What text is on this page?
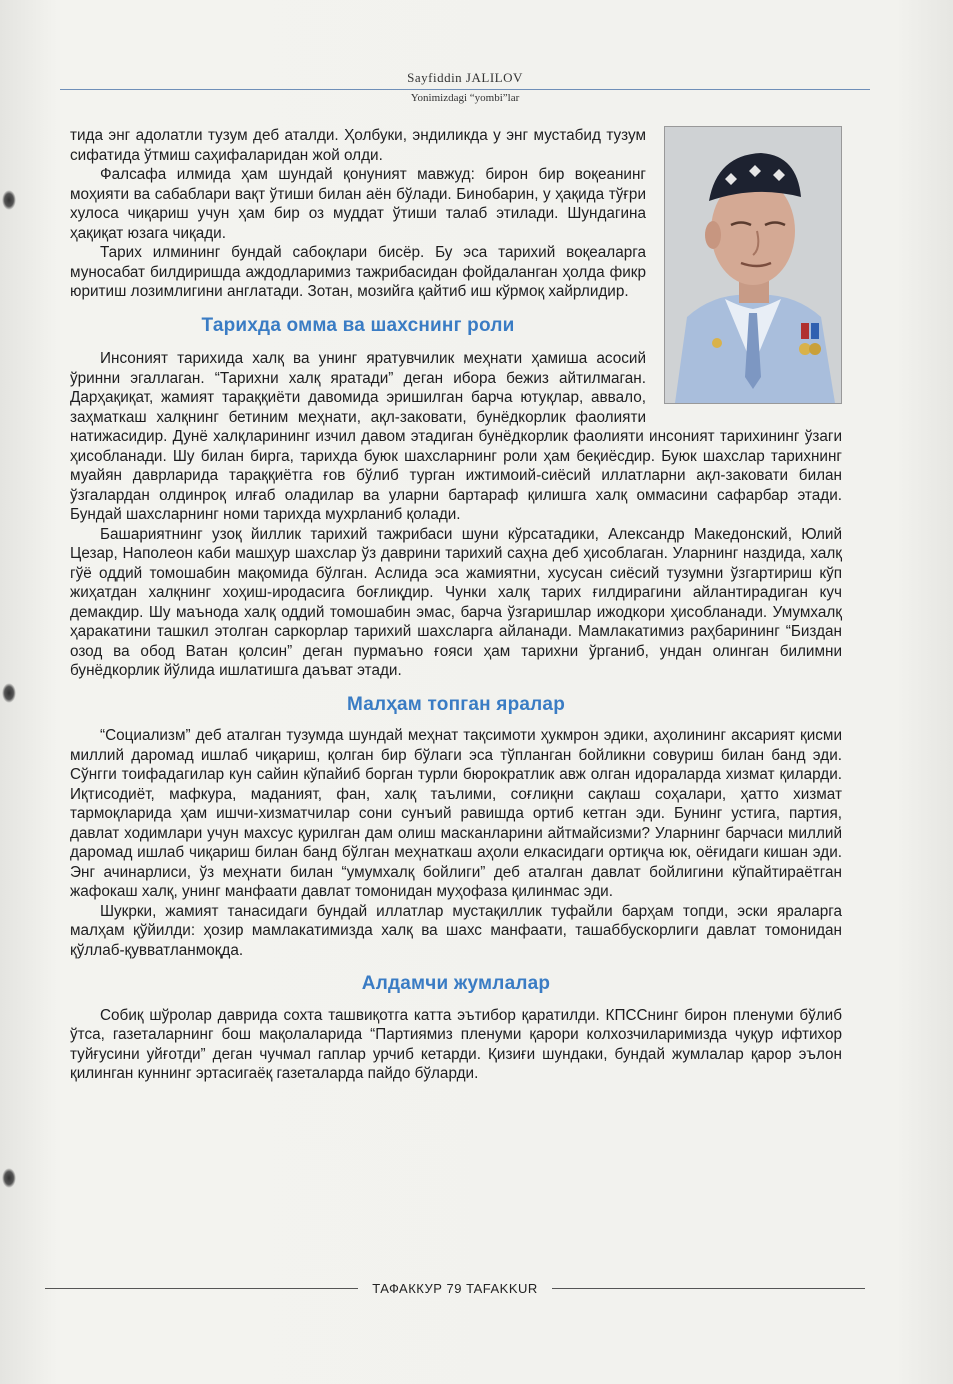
Sayfiddin JALILOV
Yonimizdagi “yombi”lar

тида энг адолатли тузум деб аталди. Ҳолбуки, эндиликда у энг мустабид тузум сифатида ўтмиш саҳифаларидан жой олди.

Фалсафа илмида ҳам шундай қонуният мавжуд: бирон бир воқеанинг моҳияти ва сабаблари вақт ўтиши билан аён бўлади. Бинобарин, у ҳақида тўғри хулоса чиқариш учун ҳам бир оз муддат ўтиши талаб этилади. Шундагина ҳақиқат юзага чиқади.

Тарих илмининг бундай сабоқлари бисёр. Бу эса тарихий воқеаларга муносабат билдиришда аждодларимиз тажрибасидан фойдаланган ҳолда фикр юритиш лозимлигини англатади. Зотан, мозийга қайтиб иш кўрмоқ хайрлидир.

Тарихда омма ва шахснинг роли

Инсоният тарихида халқ ва унинг яратувчилик меҳнати ҳамиша асосий ўринни эгаллаган. “Тарихни халқ яратади” деган ибора бежиз айтилмаган. Дарҳақиқат, жамият тараққиёти давомида эришилган барча ютуқлар, аввало, заҳматкаш халқнинг бетиним меҳнати, ақл-заковати, бунёдкорлик фаолияти натижасидир. Дунё халқларининг изчил давом этадиган бунёдкорлик фаолияти инсоният тарихининг ўзаги ҳисобланади. Шу билан бирга, тарихда буюк шахсларнинг роли ҳам беқиёсдир. Буюк шахслар тарихнинг муайян даврларида тараққиётга ғов бўлиб турган ижтимоий-сиёсий иллатларни ақл-заковати билан ўзгалардан олдинроқ илғаб оладилар ва уларни бартараф қилишга халқ оммасини сафарбар этади. Бундай шахсларнинг номи тарихда мухрланиб қолади.

Башариятнинг узоқ йиллик тарихий тажрибаси шуни кўрсатадики, Александр Македонский, Юлий Цезар, Наполеон каби машҳур шахслар ўз даврини тарихий саҳна деб ҳисоблаган. Уларнинг наздида, халқ гўё оддий томошабин мақомида бўлган. Аслида эса жамиятни, хусусан сиёсий тузумни ўзгартириш кўп жиҳатдан халқнинг хоҳиш-иродасига боғлиқдир. Чунки халқ тарих ғилдирагини айлантирадиган куч демакдир. Шу маънода халқ оддий томошабин эмас, барча ўзгаришлар ижодкори ҳисобланади. Умумхалқ ҳаракатини ташкил этолган саркорлар тарихий шахсларга айланади. Мамлакатимиз раҳбарининг “Биздан озод ва обод Ватан қолсин” деган пурмаъно ғояси ҳам тарихни ўрганиб, ундан олинган билимни бунёдкорлик йўлида ишлатишга даъват этади.

Малҳам топган яралар

“Социализм” деб аталган тузумда шундай меҳнат тақсимоти ҳукмрон эдики, аҳолининг аксарият қисми миллий даромад ишлаб чиқариш, қолган бир бўлаги эса тўпланган бойликни совуриш билан банд эди. Сўнгги тоифадагилар кун сайин кўпайиб борган турли бюрократлик авж олган идораларда хизмат қиларди. Иқтисодиёт, мафкура, маданият, фан, халқ таълими, соғлиқни сақлаш соҳалари, ҳатто хизмат тармоқларида ҳам ишчи-хизматчилар сони сунъий равишда ортиб кетган эди. Бунинг устига, партия, давлат ходимлари учун махсус қурилган дам олиш масканларини айтмайсизми? Уларнинг барчаси миллий даромад ишлаб чиқариш билан банд бўлган меҳнаткаш аҳоли елкасидаги ортиқча юк, оёғидаги кишан эди. Энг ачинарлиси, ўз меҳнати билан “умумхалқ бойлиги” деб аталган давлат бойлигини кўпайтираётган жафокаш халқ, унинг манфаати давлат томонидан муҳофаза қилинмас эди.

Шукрки, жамият танасидаги бундай иллатлар мустақиллик туфайли барҳам топди, эски яраларга малҳам қўйилди: ҳозир мамлакатимизда халқ ва шахс манфаати, ташаббускорлиги давлат томонидан қўллаб-қувватланмоқда.

Алдамчи жумлалар

Собиқ шўролар даврида сохта ташвиқотга катта эътибор қаратилди. КПССнинг бирон пленуми бўлиб ўтса, газеталарнинг бош мақолаларида “Партиямиз пленуми қарори колхозчиларимизда чуқур ифтихор туйғусини уйғотди” деган чучмал гаплар урчиб кетарди. Қизиғи шундаки, бундай жумлалар қарор эълон қилинган куннинг эртасигаёқ газеталарда пайдо бўларди.

ТАФАККУР 79 TAFAKKUR
